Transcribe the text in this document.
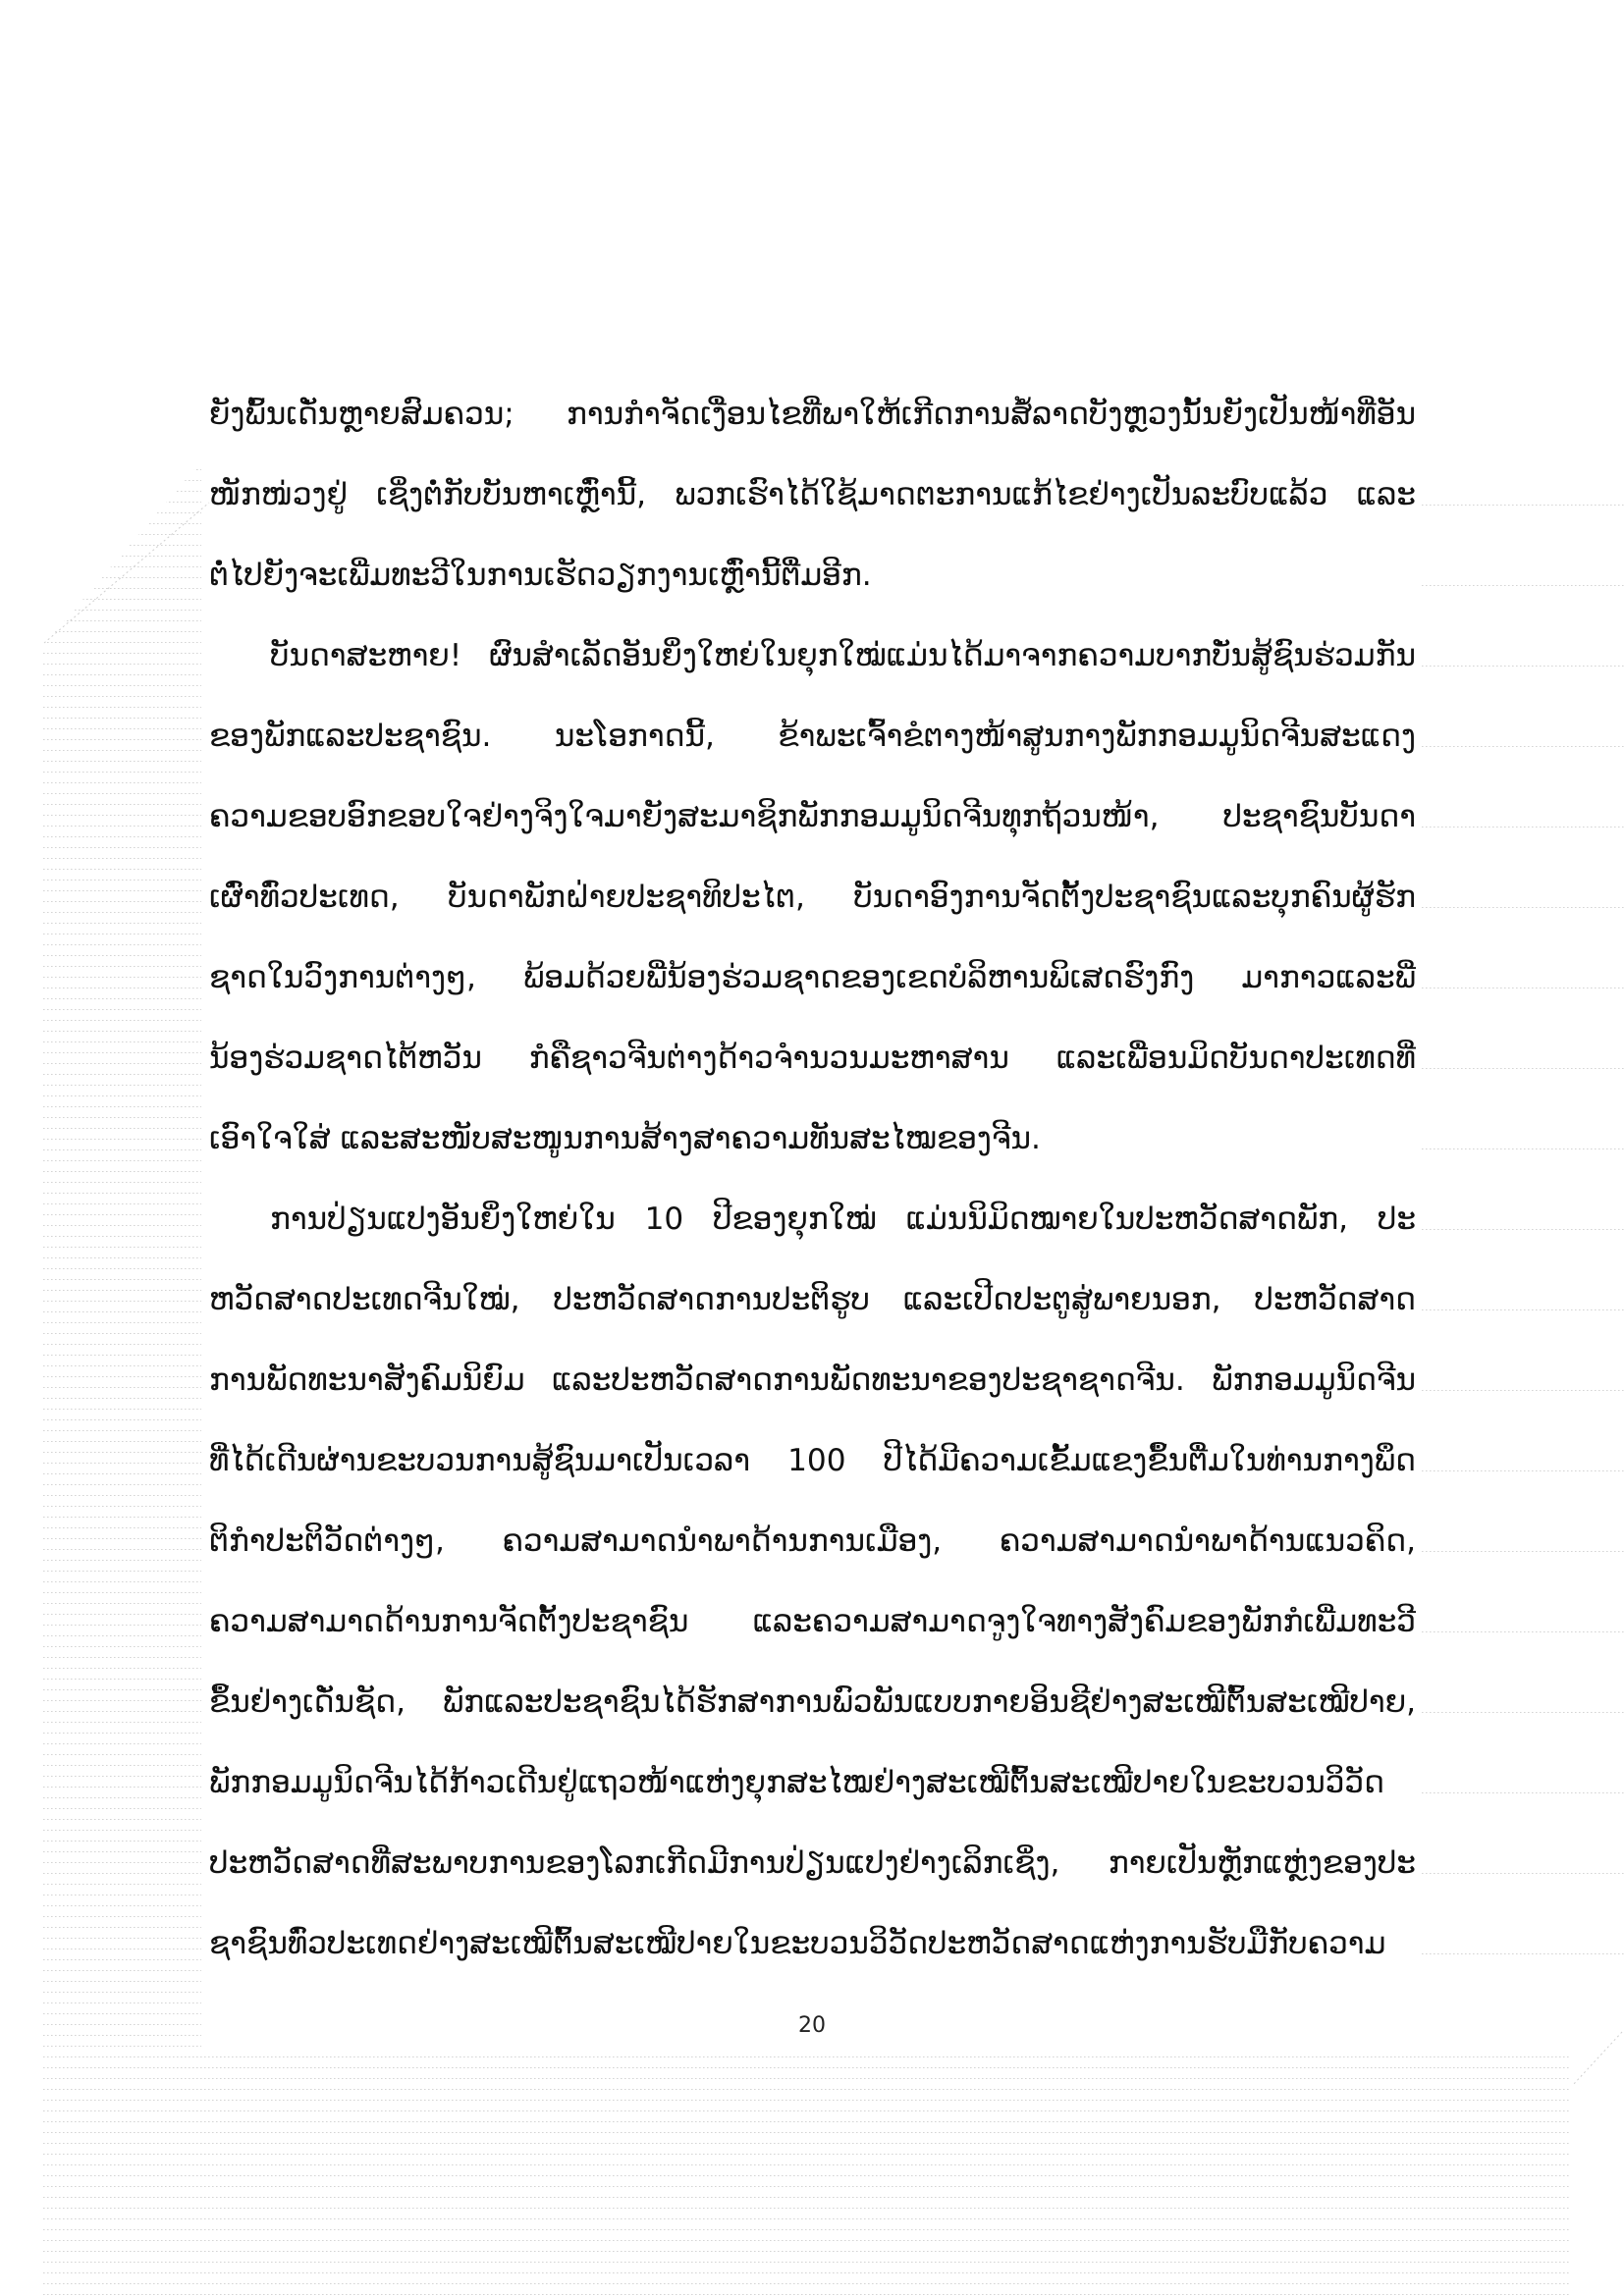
ຍັງພົ້ນເດັ່ນຫຼາຍສົມຄວນ; ການກຳຈັດເງື່ອນໄຂທີ່ພາໃຫ້ເກີດການສໍ້ລາດບັງຫຼວງນັ້ນຍັງເປັນໜ້າທີ່ອັນ
ໜັກໜ່ວງຢູ່ ເຊິ່ງຕໍ່ກັບບັນຫາເຫຼົ່ານີ້, ພວກເຮົາໄດ້ໃຊ້ມາດຕະການແກ້ໄຂຢ່າງເປັນລະບົບແລ້ວ ແລະ
ຕໍ່ໄປຍັງຈະເພີ່ມທະວີໃນການເຮັດວຽກງານເຫຼົ່ານີ້ຕື່ມອີກ.
ບັນດາສະຫາຍ! ຜົນສຳເລັດອັນຍິ່ງໃຫຍ່ໃນຍຸກໃໝ່ແມ່ນໄດ້ມາຈາກຄວາມບາກບັ່ນສູ້ຊົນຮ່ວມກັນ
ຂອງພັກແລະປະຊາຊົນ. ນະໂອກາດນີ້, ຂ້າພະເຈົ້າຂໍຕາງໜ້າສູນກາງພັກກອມມູນິດຈີນສະແດງ
ຄວາມຂອບອົກຂອບໃຈຢ່າງຈິງໃຈມາຍັງສະມາຊິກພັກກອມມູນິດຈີນທຸກຖ້ວນໜ້າ, ປະຊາຊົນບັນດາ
ເຜົ່າທົ່ວປະເທດ, ບັນດາພັກຝ່າຍປະຊາທິປະໄຕ, ບັນດາອົງການຈັດຕັ້ງປະຊາຊົນແລະບຸກຄົນຜູ້ຮັກ
ຊາດໃນວົງການຕ່າງໆ, ພ້ອມດ້ວຍພີ່ນ້ອງຮ່ວມຊາດຂອງເຂດບໍລິຫານພິເສດຮົງກົງ ມາກາວແລະພີ່
ນ້ອງຮ່ວມຊາດໄຕ້ຫວັນ ກໍຄືຊາວຈີນຕ່າງດ້າວຈຳນວນມະຫາສານ ແລະເພື່ອນມິດບັນດາປະເທດທີ່
ເອົາໃຈໃສ່ ແລະສະໜັບສະໜູນການສ້າງສາຄວາມທັນສະໄໝຂອງຈີນ.
ການປ່ຽນແປງອັນຍິ່ງໃຫຍ່ໃນ 10 ປີຂອງຍຸກໃໝ່ ແມ່ນນິມິດໝາຍໃນປະຫວັດສາດພັກ, ປະ
ຫວັດສາດປະເທດຈີນໃໝ່, ປະຫວັດສາດການປະຕິຮູບ ແລະເປີດປະຕູສູ່ພາຍນອກ, ປະຫວັດສາດ
ການພັດທະນາສັງຄົມນິຍົມ ແລະປະຫວັດສາດການພັດທະນາຂອງປະຊາຊາດຈີນ. ພັກກອມມູນິດຈີນ
ທີ່ໄດ້ເດີນຜ່ານຂະບວນການສູ້ຊົນມາເປັນເວລາ 100 ປີໄດ້ມີຄວາມເຂັ້ມແຂງຂຶ້ນຕື່ມໃນທ່ານກາງພຶດ
ຕິກຳປະຕິວັດຕ່າງໆ, ຄວາມສາມາດນຳພາດ້ານການເມືອງ, ຄວາມສາມາດນຳພາດ້ານແນວຄິດ,
ຄວາມສາມາດດ້ານການຈັດຕັ້ງປະຊາຊົນ ແລະຄວາມສາມາດຈູງໃຈທາງສັງຄົມຂອງພັກກໍເພີ່ມທະວີ
ຂຶ້ນຢ່າງເດັ່ນຊັດ, ພັກແລະປະຊາຊົນໄດ້ຮັກສາການພົວພັນແບບກາຍອິນຊີຢ່າງສະເໝີຕົ້ນສະເໝີປາຍ,
ພັກກອມມູນິດຈີນໄດ້ກ້າວເດີນຢູ່ແຖວໜ້າແຫ່ງຍຸກສະໄໝຢ່າງສະເໝີຕົ້ນສະເໝີປາຍໃນຂະບວນວິວັດ
ປະຫວັດສາດທີ່ສະພາບການຂອງໂລກເກີດມີການປ່ຽນແປງຢ່າງເລິກເຊິ່ງ, ກາຍເປັນຫຼັກແຫຼ່ງຂອງປະ
ຊາຊົນທົ່ວປະເທດຢ່າງສະເໝີຕົ້ນສະເໝີປາຍໃນຂະບວນວິວັດປະຫວັດສາດແຫ່ງການຮັບມືກັບຄວາມ
20
